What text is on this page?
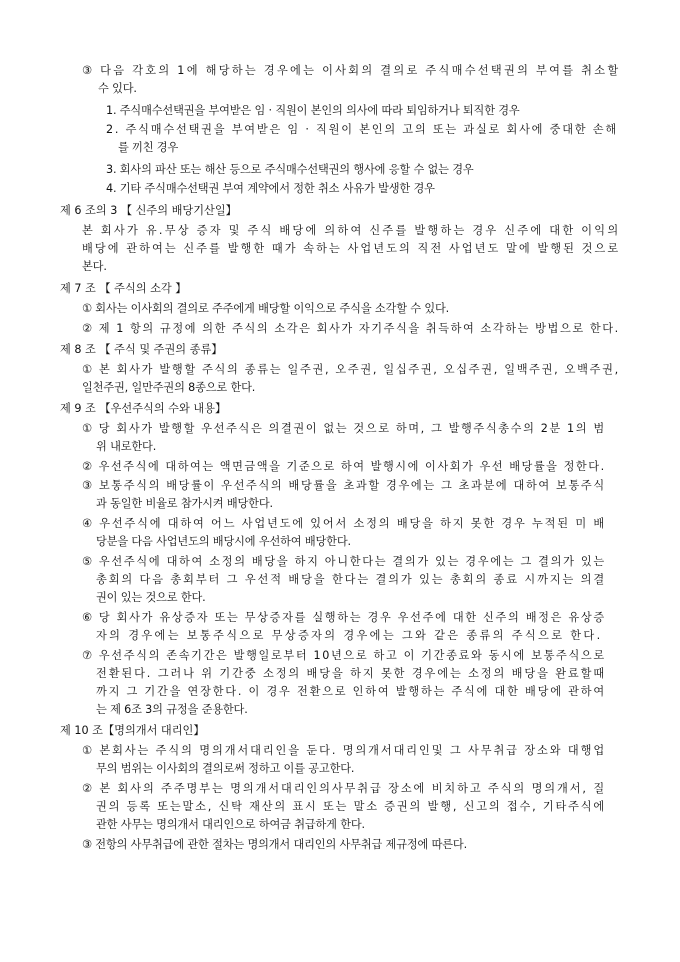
③ 다음 각호의 1에 해당하는 경우에는 이사회의 결의로 주식매수선택권의 부여를 취소할
수 있다.
1. 주식매수선택권을 부여받은 임 · 직원이 본인의 의사에 따라 퇴임하거나 퇴직한 경우
2. 주식매수선택권을 부여받은 임 · 직원이 본인의 고의 또는 과실로 회사에 중대한 손해
를 끼친 경우
3. 회사의 파산 또는 해산 등으로 주식매수선택권의 행사에 응할 수 없는 경우
4. 기타 주식매수선택권 부여 계약에서 정한 취소 사유가 발생한 경우
제 6 조의 3 【 신주의 배당기산일】
본 회사가 유.무상 증자 및 주식 배당에 의하여 신주를 발행하는 경우 신주에 대한 이익의
배당에 관하여는 신주를 발행한 때가 속하는 사업년도의 직전 사업년도 말에 발행된 것으로
본다.
제 7 조 【 주식의 소각 】
① 회사는 이사회의 결의로 주주에게 배당할 이익으로 주식을 소각할 수 있다.
② 제 1 항의 규정에 의한 주식의 소각은 회사가 자기주식을 취득하여 소각하는 방법으로 한다.
제 8 조 【 주식 및 주권의 종류】
① 본 회사가 발행할 주식의 종류는 일주권, 오주권, 일십주권, 오십주권, 일백주권, 오백주권,
일천주권, 일만주권의 8종으로 한다.
제 9 조 【우선주식의 수와 내용】
① 당 회사가 발행할 우선주식은 의결권이 없는 것으로 하며, 그 발행주식총수의 2분 1의 범
위 내로한다.
② 우선주식에 대하여는 액면금액을 기준으로 하여 발행시에 이사회가 우선 배당률을 정한다.
③ 보통주식의 배당률이 우선주식의 배당률을 초과할 경우에는 그 초과분에 대하여 보통주식
과 동일한 비율로 참가시켜 배당한다.
④ 우선주식에 대하여 어느 사업년도에 있어서 소정의 배당을 하지 못한 경우 누적된 미 배
당분을 다음 사업년도의 배당시에 우선하여 배당한다.
⑤ 우선주식에 대하여 소정의 배당을 하지 아니한다는 결의가 있는 경우에는 그 결의가 있는
총회의 다음 총회부터 그 우선적 배당을 한다는 결의가 있는 총회의 종료 시까지는 의결
권이 있는 것으로 한다.
⑥ 당 회사가 유상증자 또는 무상증자를 실행하는 경우 우선주에 대한 신주의 배정은 유상증
자의 경우에는 보통주식으로 무상증자의 경우에는 그와 같은 종류의 주식으로 한다.
⑦ 우선주식의 존속기간은 발행일로부터 10년으로 하고 이 기간종료와 동시에 보통주식으로
전환된다. 그러나 위 기간중 소정의 배당을 하지 못한 경우에는 소정의 배당을 완료할때
까지 그 기간을 연장한다. 이 경우 전환으로 인하여 발행하는 주식에 대한 배당에 관하여
는 제 6조 3의 규정을 준용한다.
제 10 조【명의개서 대리인】
① 본회사는 주식의 명의개서대리인을 둔다. 명의개서대리인및 그 사무취급 장소와 대행업
무의 범위는 이사회의 결의로써 정하고 이를 공고한다.
② 본 회사의 주주명부는 명의개서대리인의사무취급 장소에 비치하고 주식의 명의개서, 질
권의 등록 또는말소, 신탁 재산의 표시 또는 말소 증권의 발행, 신고의 접수, 기타주식에
관한 사무는 명의개서 대리인으로 하여금 취급하게 한다.
③ 전항의 사무취급에 관한 절차는 명의개서 대리인의 사무취급 제규정에 따른다.
